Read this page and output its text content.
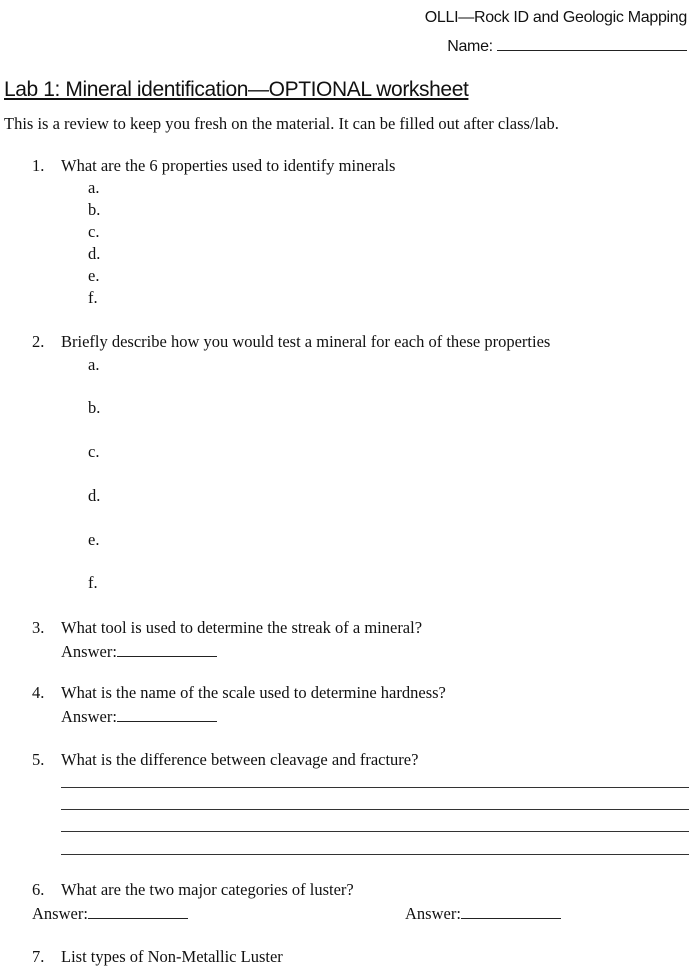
OLLI—Rock ID and Geologic Mapping
Name:
Lab 1: Mineral identification—OPTIONAL worksheet
This is a review to keep you fresh on the material. It can be filled out after class/lab.
1. What are the 6 properties used to identify minerals
a.
b.
c.
d.
e.
f.
2. Briefly describe how you would test a mineral for each of these properties
a.
b.
c.
d.
e.
f.
3. What tool is used to determine the streak of a mineral?
Answer:
4. What is the name of the scale used to determine hardness?
Answer:
5. What is the difference between cleavage and fracture?
6. What are the two major categories of luster?
Answer:	Answer:
7. List types of Non-Metallic Luster
